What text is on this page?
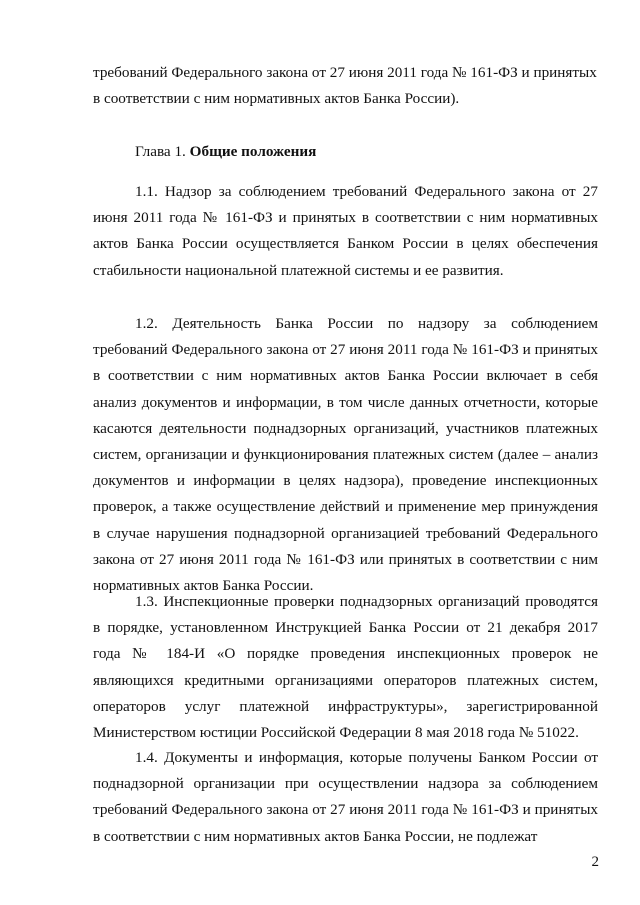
требований Федерального закона от 27 июня 2011 года № 161-ФЗ и принятых в соответствии с ним нормативных актов Банка России).

Глава 1. Общие положения

1.1. Надзор за соблюдением требований Федерального закона от 27 июня 2011 года № 161-ФЗ и принятых в соответствии с ним нормативных актов Банка России осуществляется Банком России в целях обеспечения стабильности национальной платежной системы и ее развития.

1.2. Деятельность Банка России по надзору за соблюдением требований Федерального закона от 27 июня 2011 года № 161-ФЗ и принятых в соответствии с ним нормативных актов Банка России включает в себя анализ документов и информации, в том числе данных отчетности, которые касаются деятельности поднадзорных организаций, участников платежных систем, организации и функционирования платежных систем (далее – анализ документов и информации в целях надзора), проведение инспекционных проверок, а также осуществление действий и применение мер принуждения в случае нарушения поднадзорной организацией требований Федерального закона от 27 июня 2011 года № 161-ФЗ или принятых в соответствии с ним нормативных актов Банка России.

1.3. Инспекционные проверки поднадзорных организаций проводятся в порядке, установленном Инструкцией Банка России от 21 декабря 2017 года № 184-И «О порядке проведения инспекционных проверок не являющихся кредитными организациями операторов платежных систем, операторов услуг платежной инфраструктуры», зарегистрированной Министерством юстиции Российской Федерации 8 мая 2018 года № 51022.

1.4. Документы и информация, которые получены Банком России от поднадзорной организации при осуществлении надзора за соблюдением требований Федерального закона от 27 июня 2011 года № 161-ФЗ и принятых в соответствии с ним нормативных актов Банка России, не подлежат

2
